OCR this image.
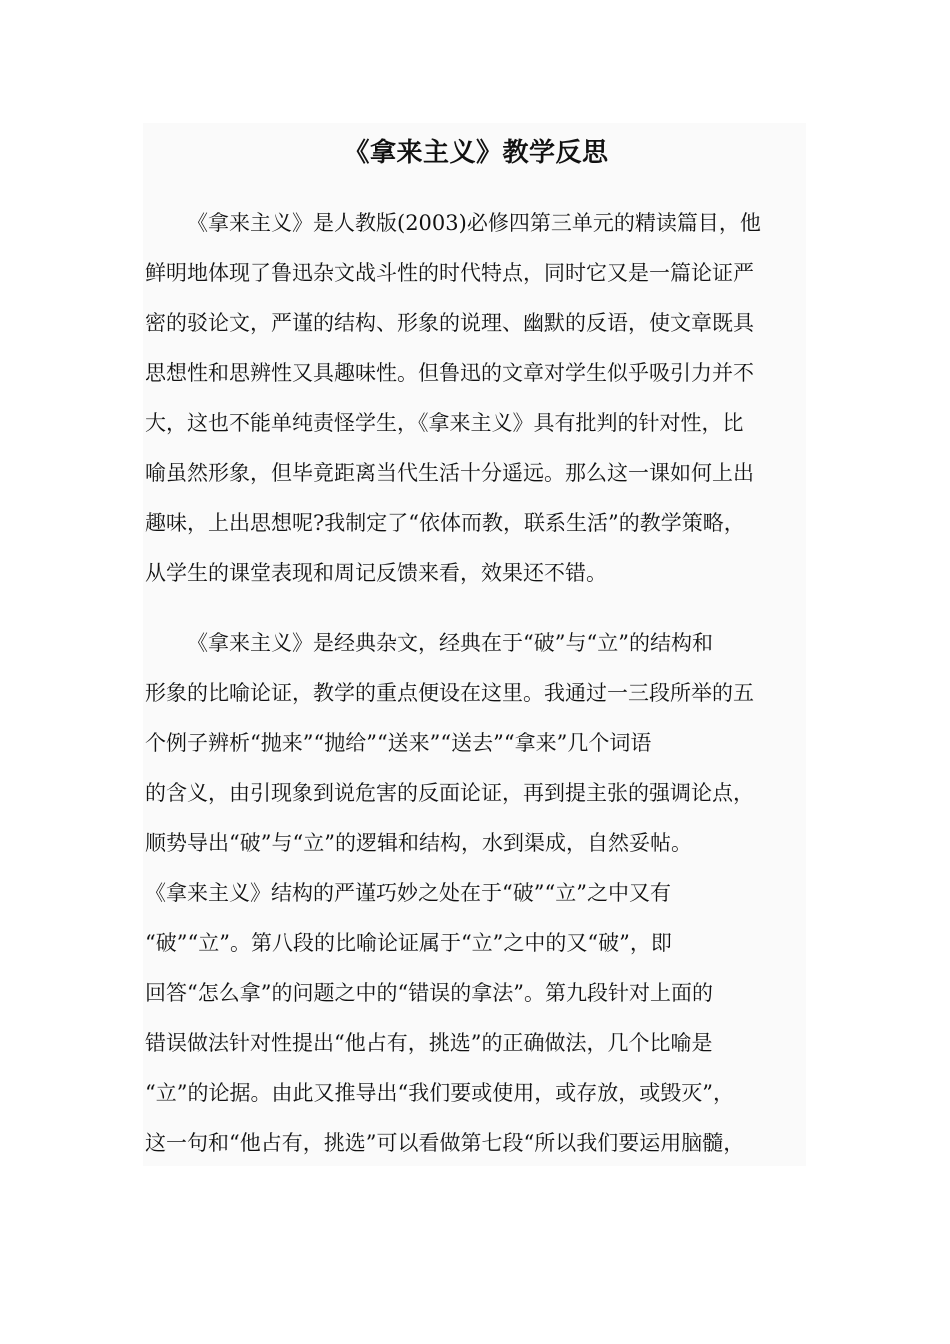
《拿来主义》教学反思
《拿来主义》是人教版(2003)必修四第三单元的精读篇目，他
鲜明地体现了鲁迅杂文战斗性的时代特点，同时它又是一篇论证严
密的驳论文，严谨的结构、形象的说理、幽默的反语，使文章既具
思想性和思辨性又具趣味性。但鲁迅的文章对学生似乎吸引力并不
大，这也不能单纯责怪学生，《拿来主义》具有批判的针对性，比
喻虽然形象，但毕竟距离当代生活十分遥远。那么这一课如何上出
趣味，上出思想呢?我制定了“依体而教，联系生活”的教学策略，
从学生的课堂表现和周记反馈来看，效果还不错。
《拿来主义》是经典杂文，经典在于“破”与“立”的结构和
形象的比喻论证，教学的重点便设在这里。我通过一三段所举的五
个例子辨析“抛来”“抛给”“送来”“送去”“拿来”几个词语
的含义，由引现象到说危害的反面论证，再到提主张的强调论点，
顺势导出“破”与“立”的逻辑和结构，水到渠成，自然妥帖。
《拿来主义》结构的严谨巧妙之处在于“破”“立”之中又有
“破”“立”。第八段的比喻论证属于“立”之中的又“破”，即
回答“怎么拿”的问题之中的“错误的拿法”。第九段针对上面的
错误做法针对性提出“他占有，挑选”的正确做法，几个比喻是
“立”的论据。由此又推导出“我们要或使用，或存放，或毁灭”，
这一句和“他占有，挑选”可以看做第七段“所以我们要运用脑髓，
